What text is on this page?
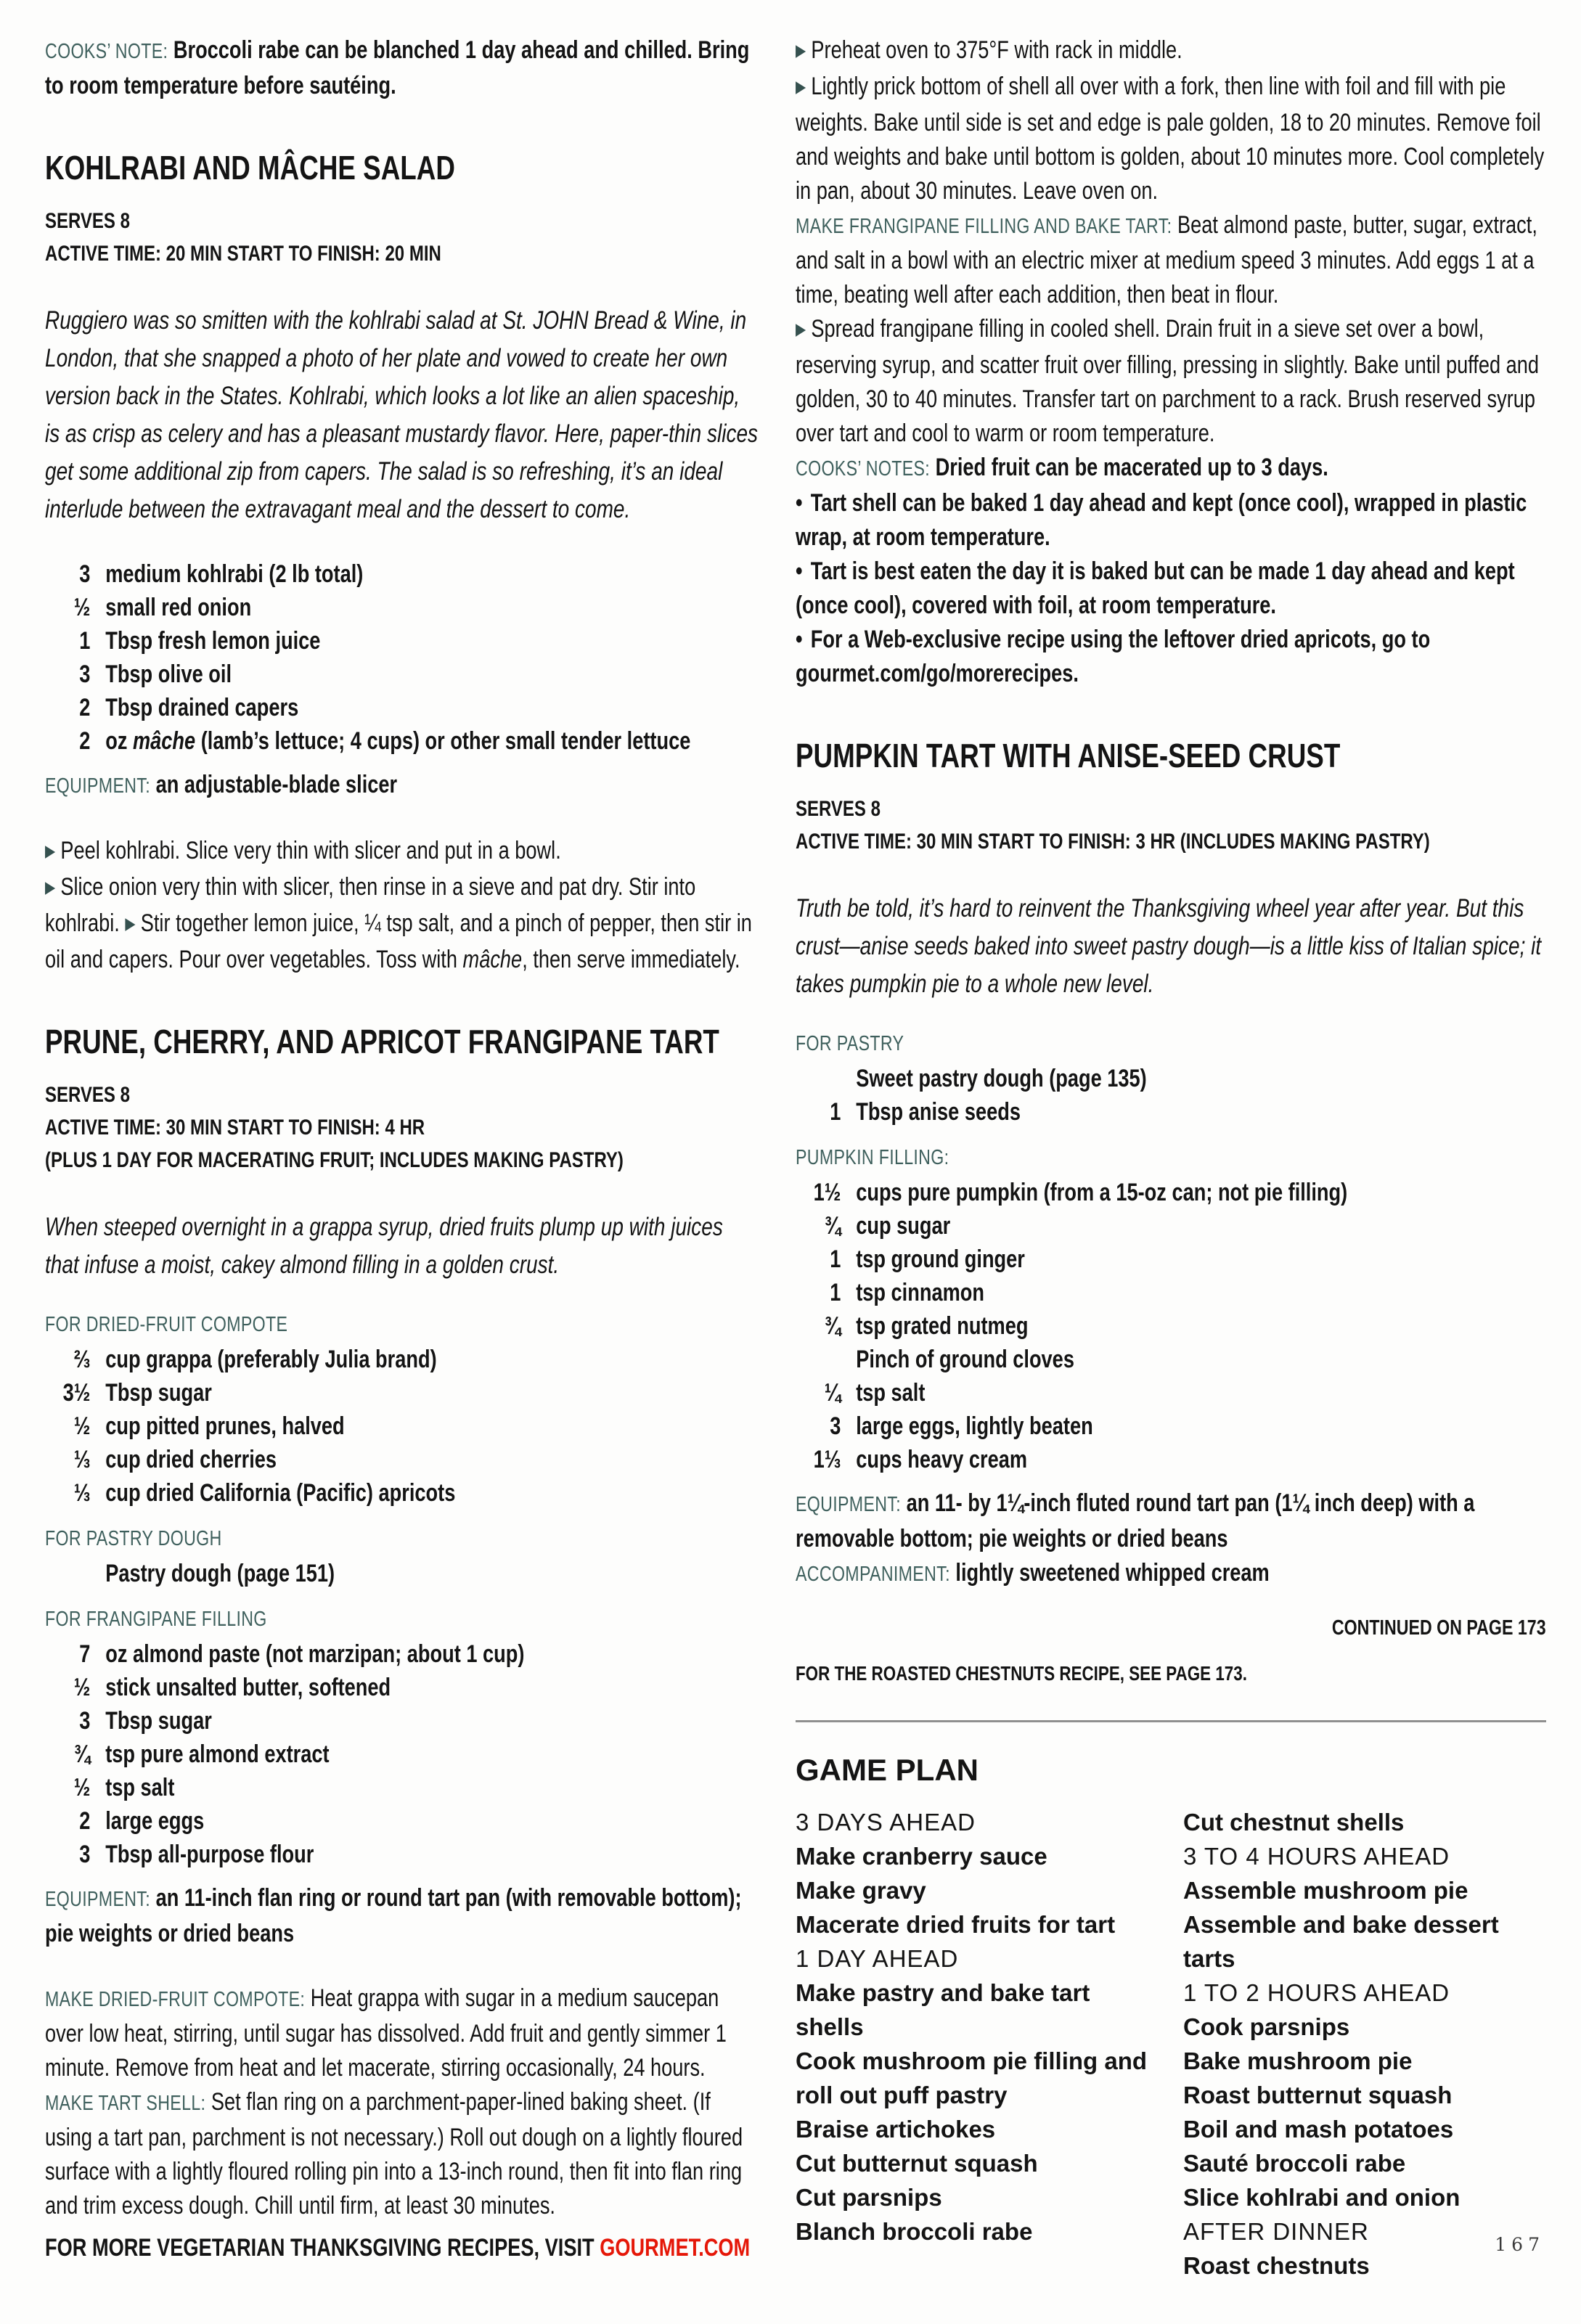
COOKS’ NOTE: Broccoli rabe can be blanched 1 day ahead and chilled. Bring to room temperature before sautéing.

KOHLRABI AND MÂCHE SALAD
SERVES 8
ACTIVE TIME: 20 MIN START TO FINISH: 20 MIN

Ruggiero was so smitten with the kohlrabi salad at St. JOHN Bread & Wine, in London, that she snapped a photo of her plate and vowed to create her own version back in the States. Kohlrabi, which looks a lot like an alien spaceship, is as crisp as celery and has a pleasant mustardy flavor. Here, paper-thin slices get some additional zip from capers. The salad is so refreshing, it’s an ideal interlude between the extravagant meal and the dessert to come.

3 medium kohlrabi (2 lb total)
½ small red onion
1 Tbsp fresh lemon juice
3 Tbsp olive oil
2 Tbsp drained capers
2 oz mâche (lamb’s lettuce; 4 cups) or other small tender lettuce

EQUIPMENT: an adjustable-blade slicer

▶ Peel kohlrabi. Slice very thin with slicer and put in a bowl.

▶ Slice onion very thin with slicer, then rinse in a sieve and pat dry. Stir into kohlrabi. ▶ Stir together lemon juice, ¼ tsp salt, and a pinch of pepper, then stir in oil and capers. Pour over vegetables. Toss with mâche, then serve immediately.

PRUNE, CHERRY, AND APRICOT FRANGIPANE TART
SERVES 8
ACTIVE TIME: 30 MIN START TO FINISH: 4 HR
(PLUS 1 DAY FOR MACERATING FRUIT; INCLUDES MAKING PASTRY)

When steeped overnight in a grappa syrup, dried fruits plump up with juices that infuse a moist, cakey almond filling in a golden crust.

FOR DRIED-FRUIT COMPOTE
⅔ cup grappa (preferably Julia brand)
3½ Tbsp sugar
½ cup pitted prunes, halved
⅓ cup dried cherries
⅓ cup dried California (Pacific) apricots
FOR PASTRY DOUGH
Pastry dough (page 151)
FOR FRANGIPANE FILLING
7 oz almond paste (not marzipan; about 1 cup)
½ stick unsalted butter, softened
3 Tbsp sugar
¾ tsp pure almond extract
½ tsp salt
2 large eggs
3 Tbsp all-purpose flour

EQUIPMENT: an 11-inch flan ring or round tart pan (with removable bottom); pie weights or dried beans

MAKE DRIED-FRUIT COMPOTE: Heat grappa with sugar in a medium saucepan over low heat, stirring, until sugar has dissolved. Add fruit and gently simmer 1 minute. Remove from heat and let macerate, stirring occasionally, 24 hours.

MAKE TART SHELL: Set flan ring on a parchment-paper-lined baking sheet. (If using a tart pan, parchment is not necessary.) Roll out dough on a lightly floured surface with a lightly floured rolling pin into a 13-inch round, then fit into flan ring and trim excess dough. Chill until firm, at least 30 minutes.

▶ Preheat oven to 375°F with rack in middle.

▶ Lightly prick bottom of shell all over with a fork, then line with foil and fill with pie weights. Bake until side is set and edge is pale golden, 18 to 20 minutes. Remove foil and weights and bake until bottom is golden, about 10 minutes more. Cool completely in pan, about 30 minutes. Leave oven on.

MAKE FRANGIPANE FILLING AND BAKE TART: Beat almond paste, butter, sugar, extract, and salt in a bowl with an electric mixer at medium speed 3 minutes. Add eggs 1 at a time, beating well after each addition, then beat in flour.

▶ Spread frangipane filling in cooled shell. Drain fruit in a sieve set over a bowl, reserving syrup, and scatter fruit over filling, pressing in slightly. Bake until puffed and golden, 30 to 40 minutes. Transfer tart on parchment to a rack. Brush reserved syrup over tart and cool to warm or room temperature.

COOKS’ NOTES: Dried fruit can be macerated up to 3 days.

• Tart shell can be baked 1 day ahead and kept (once cool), wrapped in plastic wrap, at room temperature.

• Tart is best eaten the day it is baked but can be made 1 day ahead and kept (once cool), covered with foil, at room temperature.

• For a Web-exclusive recipe using the leftover dried apricots, go to gourmet.com/go/morerecipes.

PUMPKIN TART WITH ANISE-SEED CRUST
SERVES 8
ACTIVE TIME: 30 MIN START TO FINISH: 3 HR (INCLUDES MAKING PASTRY)

Truth be told, it’s hard to reinvent the Thanksgiving wheel year after year. But this crust—anise seeds baked into sweet pastry dough—is a little kiss of Italian spice; it takes pumpkin pie to a whole new level.

FOR PASTRY
Sweet pastry dough (page 135)
1 Tbsp anise seeds
PUMPKIN FILLING:
1½ cups pure pumpkin (from a 15-oz can; not pie filling)
¾ cup sugar
1 tsp ground ginger
1 tsp cinnamon
¾ tsp grated nutmeg
Pinch of ground cloves
¼ tsp salt
3 large eggs, lightly beaten
1⅓ cups heavy cream

EQUIPMENT: an 11- by 1¼-inch fluted round tart pan (1¼ inch deep) with a removable bottom; pie weights or dried beans

ACCOMPANIMENT: lightly sweetened whipped cream

CONTINUED ON PAGE 173
FOR THE ROASTED CHESTNUTS RECIPE, SEE PAGE 173.
GAME PLAN
3 DAYS AHEAD
Make cranberry sauce
Make gravy
Macerate dried fruits for tart
1 DAY AHEAD
Make pastry and bake tart shells
Cook mushroom pie filling and roll out puff pastry
Braise artichokes
Cut butternut squash
Cut parsnips
Blanch broccoli rabe
Cut chestnut shells
3 TO 4 HOURS AHEAD
Assemble mushroom pie
Assemble and bake dessert tarts
1 TO 2 HOURS AHEAD
Cook parsnips
Bake mushroom pie
Roast butternut squash
Boil and mash potatoes
Sauté broccoli rabe
Slice kohlrabi and onion
AFTER DINNER
Roast chestnuts
FOR MORE VEGETARIAN THANKSGIVING RECIPES, VISIT GOURMET.COM	167
